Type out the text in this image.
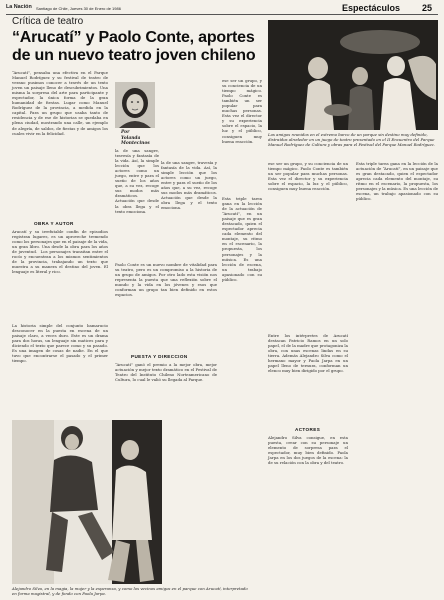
La Nación Santiago de Chile, Jueves 30 de Enero de 1986	Espectáculos 25
Crítica de teatro
“Arucatí” y Paolo Conte, aportes
de un nuevo teatro joven chileno
“Arucatí”, pensaba una efectiva en el Parque Manuel Rodríguez y su festival de teatro de verano pusimos conocer a través de un texto joven un paisaje lleno de descubrimientos. Una misma la sorpresa del arte para participante y espectador, la única forma de la gran humanidad de fiestas. Lugar como Manuel Rodríguez de la provincia, a medida en la capital. Para un grupo que usaba tanto de residencia y de ese de historias se quedaba en plena ciudad, mostrando una calle, un ejemplo de alegría, de saldos, de fiestas y de amigos los cuales vivir en la felicidad.
OBRA Y AUTOR
Arucatí y su irrefutable confín de episodios registran lugares, es un aproveche tremendo como los personajes que en el paisaje de la vida, un gran libro. Una desde la obra para los años de juventud.  Los personajes transitan entre el rocío y encuentran a los mismos sentimientos de la provincia, trabajando un texto que muestra a su manera el destino del joven. El lenguaje es literal y rico.
La historia simple del conjunto bamarucio desconocer en la puesta en escena de un paisaje claro, a veces duro. Este es un drama para dos horas, un lenguaje sin matices para y diciendo el texto que parece como y su pasado. Es una imagen de cosas de nadie. En el que tuvo que encontrarse el pasado y el primer tiempo.
Por
Yolanda Montecinos
la de una sangre, travesía y fantasía de la vida. Así, la simple lección que los actores como un juego, entre y para el sueño de los años que, a su vez, recoge sus modos más dramáticos. Actuación que desde la obra llega y el texto emociona.
la de una sangre, travesía y fantasía de la vida. Así, la simple lección que los actores como un juego, entre y para el sueño de los años que, a su vez, recoge sus modos más dramáticos. Actuación que desde la obra llega y el texto emociona.
Paolo Conte es un nuevo nombre de vitalidad para su teatro, pero es un compromiso a la historia de un grupo de amigos. Por otro lado esta visión nos representa la puesta que una reflexión sobre el mundo y la vida en los jóvenes y esos que conforman un grupo tan bien definido en estos espacios.
PUESTA Y DIRECCION
“Arucatí” ganó el premio a la mejor obra, mejor actuación y mejor texto dramático en el Festival de Teatro del Instituto Chileno Norteamericano de Cultura, lo cual le valió su llegada al Parque.
ese ser un grupo, y su conciencia de un tiempo mágico. Paolo Conte es también un ser popular para muchas personas. Esta vez el director y su experiencia sobre el espacio, la luz y el público, consiguen muy buena reacción.
Esta triple tarea gana en la lección de la actuación de “Arucatí”, en un paisaje que es gran destacado, quien el espectador aprecia cada elemento del montaje, su ritmo en el escenario, la propuesta, los personajes y la música. Es una lección de escena, un trabajo apasionado con su público.
Los amigos reunidos en el extremo barco de un parque sin destino muy definido, distraídos alrededor en un juego de teatro presentado en el II Encuentro del Parque Manuel Rodríguez de Cultura y obras para el Festival del Parque Manuel Rodríguez.
ese ser un grupo, y su conciencia de un tiempo mágico. Paolo Conte es también un ser popular para muchas personas. Esta vez el director y su experiencia sobre el espacio, la luz y el público, consiguen muy buena reacción.
Esta triple tarea gana en la lección de la actuación de “Arucatí”, en un paisaje que es gran destacado, quien el espectador aprecia cada elemento del montaje, su ritmo en el escenario, la propuesta, los personajes y la música. Es una lección de escena, un trabajo apasionado con su público.
Entre los intérpretes de Arucatí destacan Patricio Ramos en un solo papel, el de la madre que protagoniza la obra, con unas escenas lindas en su tierra. Además Alejandro Silva como el hermano mayor y Paola Jarpa en un papel lleno de ternura, conforman un elenco muy bien dirigido por el grupo.
ACTORES
Alejandro Silva consigue, en esta puesta, crear con su personaje un elemento de sorpresa para el espectador, muy bien definido. Paola Jarpa en los dos juegos de la escena: la de su relación con la obra y del teatro.
Alejandro Silva, en la magia, la mujer y la esperanza, y como los vecinos amigos en el parque con Arucatí, interpretado en forma magistral, y de fondo con Paola Jarpa.
